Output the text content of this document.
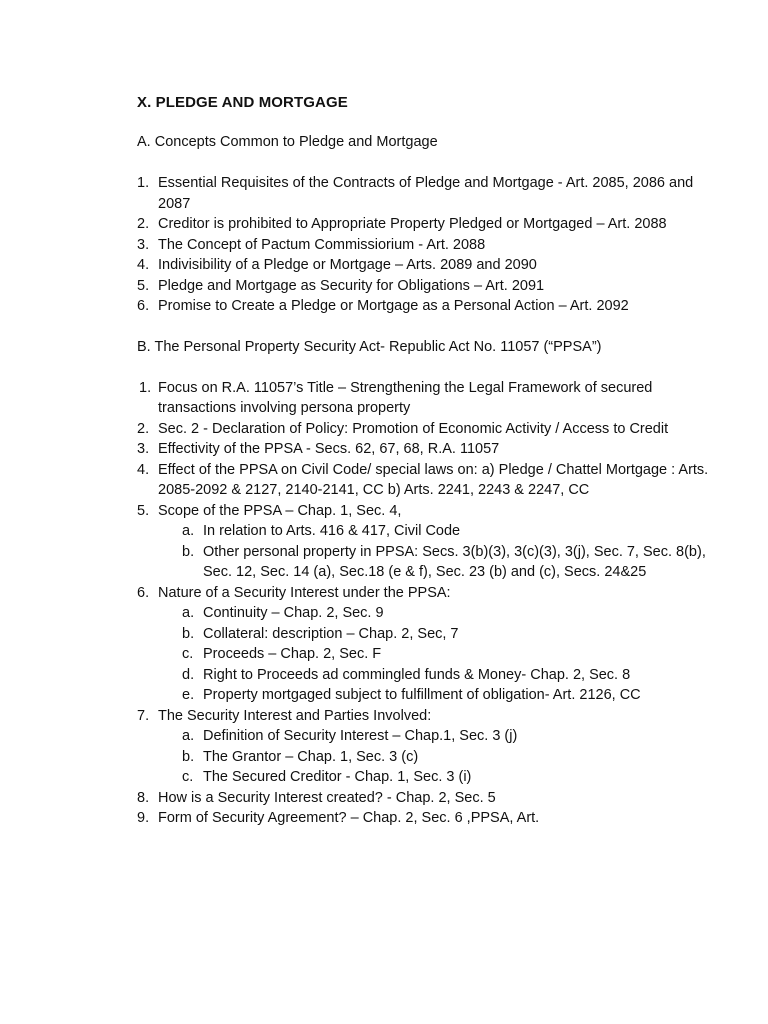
X. PLEDGE AND MORTGAGE
A. Concepts Common to Pledge and Mortgage
1. Essential Requisites of the Contracts of Pledge and Mortgage - Art. 2085, 2086 and 2087
2. Creditor is prohibited to Appropriate Property Pledged or Mortgaged – Art. 2088
3. The Concept of Pactum Commissiorium - Art. 2088
4. Indivisibility of a Pledge or Mortgage – Arts. 2089 and 2090
5. Pledge and Mortgage as Security for Obligations – Art. 2091
6. Promise to Create a Pledge or Mortgage as a Personal Action – Art. 2092
B. The Personal Property Security Act- Republic Act No. 11057 (“PPSA”)
1. Focus on R.A. 11057’s Title – Strengthening the Legal Framework of secured transactions involving persona property
2. Sec. 2 - Declaration of Policy: Promotion of Economic Activity / Access to Credit
3. Effectivity of the PPSA - Secs. 62, 67, 68, R.A. 11057
4. Effect of the PPSA on Civil Code/ special laws on: a) Pledge / Chattel Mortgage : Arts. 2085-2092 & 2127, 2140-2141, CC b) Arts. 2241, 2243 & 2247, CC
5. Scope of the PPSA – Chap. 1, Sec. 4,
a. In relation to Arts. 416 & 417, Civil Code
b. Other personal property in PPSA: Secs. 3(b)(3), 3(c)(3), 3(j), Sec. 7, Sec. 8(b), Sec. 12, Sec. 14 (a), Sec.18 (e & f), Sec. 23 (b) and (c), Secs. 24&25
6. Nature of a Security Interest under the PPSA:
a. Continuity – Chap. 2, Sec. 9
b. Collateral: description – Chap. 2, Sec, 7
c. Proceeds – Chap. 2, Sec. F
d. Right to Proceeds ad commingled funds & Money- Chap. 2, Sec. 8
e. Property mortgaged subject to fulfillment of obligation- Art. 2126, CC
7. The Security Interest and Parties Involved:
a. Definition of Security Interest – Chap.1, Sec. 3 (j)
b. The Grantor – Chap. 1, Sec. 3 (c)
c. The Secured Creditor - Chap. 1, Sec. 3 (i)
8. How is a Security Interest created? - Chap. 2, Sec. 5
9. Form of Security Agreement? – Chap. 2, Sec. 6 ,PPSA, Art.
